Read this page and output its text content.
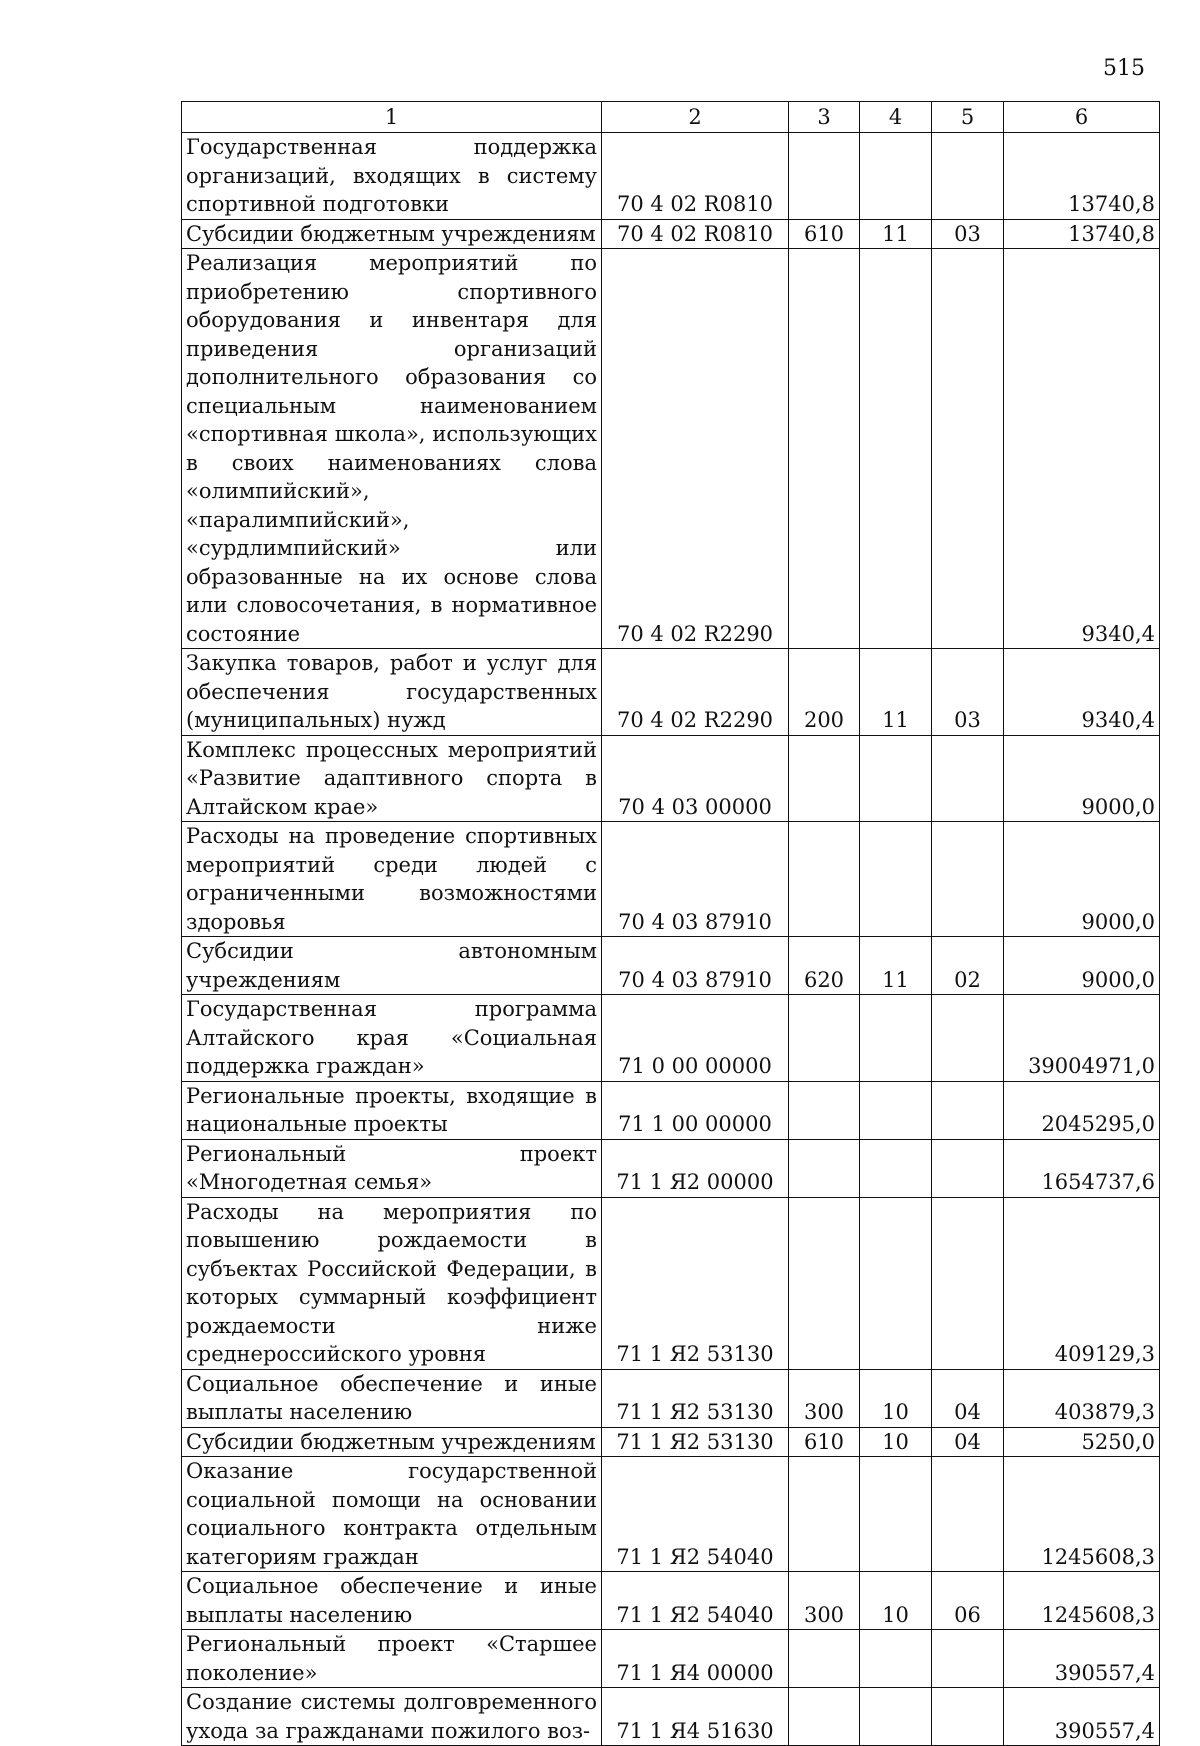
515
1	2	3	4	5	6
Государственная поддержка организаций, входящих в систему спортивной подготовки	70 4 02 R0810				13740,8
Субсидии бюджетным учреждениям	70 4 02 R0810	610	11	03	13740,8
Реализация мероприятий по приобретению спортивного оборудования и инвентаря для приведения организаций дополнительного образования со специальным наименованием «спортивная школа», использующих в своих наименованиях слова «олимпийский», «паралимпийский», «сурдлимпийский» или образованные на их основе слова или словосочетания, в нормативное состояние	70 4 02 R2290				9340,4
Закупка товаров, работ и услуг для обеспечения государственных (муниципальных) нужд	70 4 02 R2290	200	11	03	9340,4
Комплекс процессных мероприятий «Развитие адаптивного спорта в Алтайском крае»	70 4 03 00000				9000,0
Расходы на проведение спортивных мероприятий среди людей с ограниченными возможностями здоровья	70 4 03 87910				9000,0
Субсидии автономным учреждениям	70 4 03 87910	620	11	02	9000,0
Государственная программа Алтайского края «Социальная поддержка граждан»	71 0 00 00000				39004971,0
Региональные проекты, входящие в национальные проекты	71 1 00 00000				2045295,0
Региональный проект «Многодетная семья»	71 1 Я2 00000				1654737,6
Расходы на мероприятия по повышению рождаемости в субъектах Российской Федерации, в которых суммарный коэффициент рождаемости ниже среднероссийского уровня	71 1 Я2 53130				409129,3
Социальное обеспечение и иные выплаты населению	71 1 Я2 53130	300	10	04	403879,3
Субсидии бюджетным учреждениям	71 1 Я2 53130	610	10	04	5250,0
Оказание государственной социальной помощи на основании социального контракта отдельным категориям граждан	71 1 Я2 54040				1245608,3
Социальное обеспечение и иные выплаты населению	71 1 Я2 54040	300	10	06	1245608,3
Региональный проект «Старшее поколение»	71 1 Я4 00000				390557,4
Создание системы долговременного ухода за гражданами пожилого воз-	71 1 Я4 51630				390557,4
